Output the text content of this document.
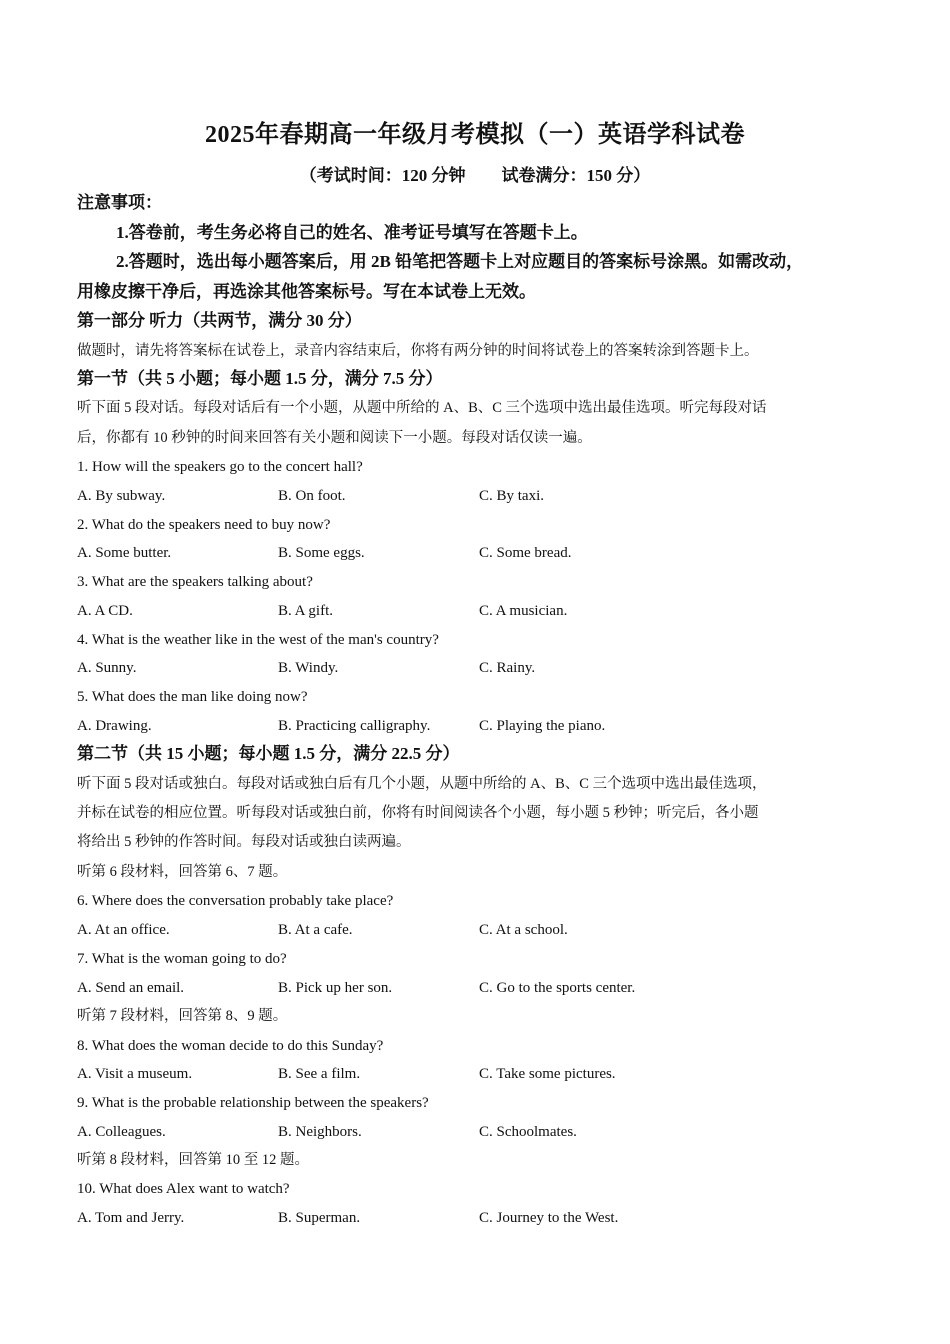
2025年春期高一年级月考模拟（一）英语学科试卷
（考试时间：120 分钟 试卷满分：150 分）
注意事项：
1.答卷前，考生务必将自己的姓名、准考证号填写在答题卡上。
2.答题时，选出每小题答案后，用 2B 铅笔把答题卡上对应题目的答案标号涂黑。如需改动，
用橡皮擦干净后，再选涂其他答案标号。写在本试卷上无效。
第一部分 听力（共两节，满分 30 分）
做题时，请先将答案标在试卷上，录音内容结束后，你将有两分钟的时间将试卷上的答案转涂到答题卡上。
第一节（共 5 小题；每小题 1.5 分，满分 7.5 分）
听下面 5 段对话。每段对话后有一个小题，从题中所给的 A、B、C 三个选项中选出最佳选项。听完每段对话
后，你都有 10 秒钟的时间来回答有关小题和阅读下一小题。每段对话仅读一遍。
1. How will the speakers go to the concert hall?
A. By subway.	B. On foot.	C. By taxi.
2. What do the speakers need to buy now?
A. Some butter.	B. Some eggs.	C. Some bread.
3. What are the speakers talking about?
A. A CD.	B. A gift.	C. A musician.
4. What is the weather like in the west of the man's country?
A. Sunny.	B. Windy.	C. Rainy.
5. What does the man like doing now?
A. Drawing.	B. Practicing calligraphy.	C. Playing the piano.
第二节（共 15 小题；每小题 1.5 分，满分 22.5 分）
听下面 5 段对话或独白。每段对话或独白后有几个小题，从题中所给的 A、B、C 三个选项中选出最佳选项，
并标在试卷的相应位置。听每段对话或独白前，你将有时间阅读各个小题，每小题 5 秒钟；听完后，各小题
将给出 5 秒钟的作答时间。每段对话或独白读两遍。
听第 6 段材料，回答第 6、7 题。
6. Where does the conversation probably take place?
A. At an office.	B. At a cafe.	C. At a school.
7. What is the woman going to do?
A. Send an email.	B. Pick up her son.	C. Go to the sports center.
听第 7 段材料，回答第 8、9 题。
8. What does the woman decide to do this Sunday?
A. Visit a museum.	B. See a film.	C. Take some pictures.
9. What is the probable relationship between the speakers?
A. Colleagues.	B. Neighbors.	C. Schoolmates.
听第 8 段材料，回答第 10 至 12 题。
10. What does Alex want to watch?
A. Tom and Jerry.	B. Superman.	C. Journey to the West.
